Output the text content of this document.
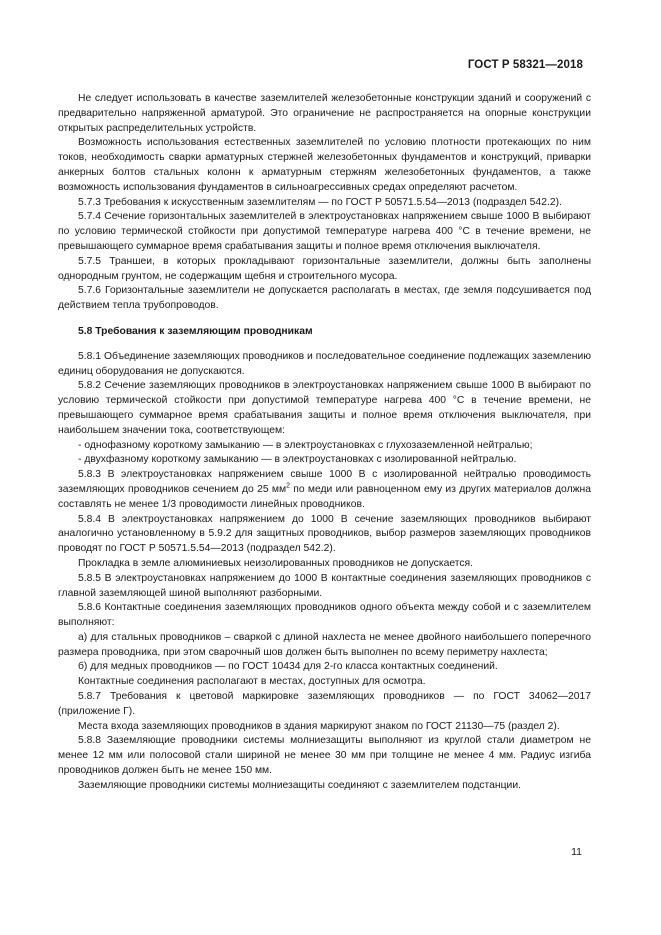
ГОСТ Р 58321—2018

Не следует использовать в качестве заземлителей железобетонные конструкции зданий и сооружений с предварительно напряженной арматурой. Это ограничение не распространяется на опорные конструкции открытых распределительных устройств.

Возможность использования естественных заземлителей по условию плотности протекающих по ним токов, необходимость сварки арматурных стержней железобетонных фундаментов и конструкций, приварки анкерных болтов стальных колонн к арматурным стержням железобетонных фундаментов, а также возможность использования фундаментов в сильноагрессивных средах определяют расчетом.

5.7.3 Требования к искусственным заземлителям — по ГОСТ Р 50571.5.54—2013 (подраздел 542.2).

5.7.4 Сечение горизонтальных заземлителей в электроустановках напряжением свыше 1000 В выбирают по условию термической стойкости при допустимой температуре нагрева 400 °С в течение времени, не превышающего суммарное время срабатывания защиты и полное время отключения выключателя.

5.7.5 Траншеи, в которых прокладывают горизонтальные заземлители, должны быть заполнены однородным грунтом, не содержащим щебня и строительного мусора.

5.7.6 Горизонтальные заземлители не допускается располагать в местах, где земля подсушивается под действием тепла трубопроводов.

5.8 Требования к заземляющим проводникам

5.8.1 Объединение заземляющих проводников и последовательное соединение подлежащих заземлению единиц оборудования не допускаются.

5.8.2 Сечение заземляющих проводников в электроустановках напряжением свыше 1000 В выбирают по условию термической стойкости при допустимой температуре нагрева 400 °С в течение времени, не превышающего суммарное время срабатывания защиты и полное время отключения выключателя, при наибольшем значении тока, соответствующем:

- однофазному короткому замыканию — в электроустановках с глухозаземленной нейтралью;

- двухфазному короткому замыканию — в электроустановках с изолированной нейтралью.

5.8.3 В электроустановках напряжением свыше 1000 В с изолированной нейтралью проводимость заземляющих проводников сечением до 25 $мм^2$ по меди или равноценном ему из других материалов должна составлять не менее 1/3 проводимости линейных проводников.

5.8.4 В электроустановках напряжением до 1000 В сечение заземляющих проводников выбирают аналогично установленному в 5.9.2 для защитных проводников, выбор размеров заземляющих проводников проводят по ГОСТ Р 50571.5.54—2013 (подраздел 542.2).

Прокладка в земле алюминиевых неизолированных проводников не допускается.

5.8.5 В электроустановках напряжением до 1000 В контактные соединения заземляющих проводников с главной заземляющей шиной выполняют разборными.

5.8.6 Контактные соединения заземляющих проводников одного объекта между собой и с заземлителем выполняют:

а) для стальных проводников – сваркой с длиной нахлеста не менее двойного наибольшего поперечного размера проводника, при этом сварочный шов должен быть выполнен по всему периметру нахлеста;

б) для медных проводников — по ГОСТ 10434 для 2-го класса контактных соединений.

Контактные соединения располагают в местах, доступных для осмотра.

5.8.7 Требования к цветовой маркировке заземляющих проводников — по ГОСТ 34062—2017 (приложение Г).

Места входа заземляющих проводников в здания маркируют знаком по ГОСТ 21130—75 (раздел 2).

5.8.8 Заземляющие проводники системы молниезащиты выполняют из круглой стали диаметром не менее 12 мм или полосовой стали шириной не менее 30 мм при толщине не менее 4 мм. Радиус изгиба проводников должен быть не менее 150 мм.

Заземляющие проводники системы молниезащиты соединяют с заземлителем подстанции.

11
